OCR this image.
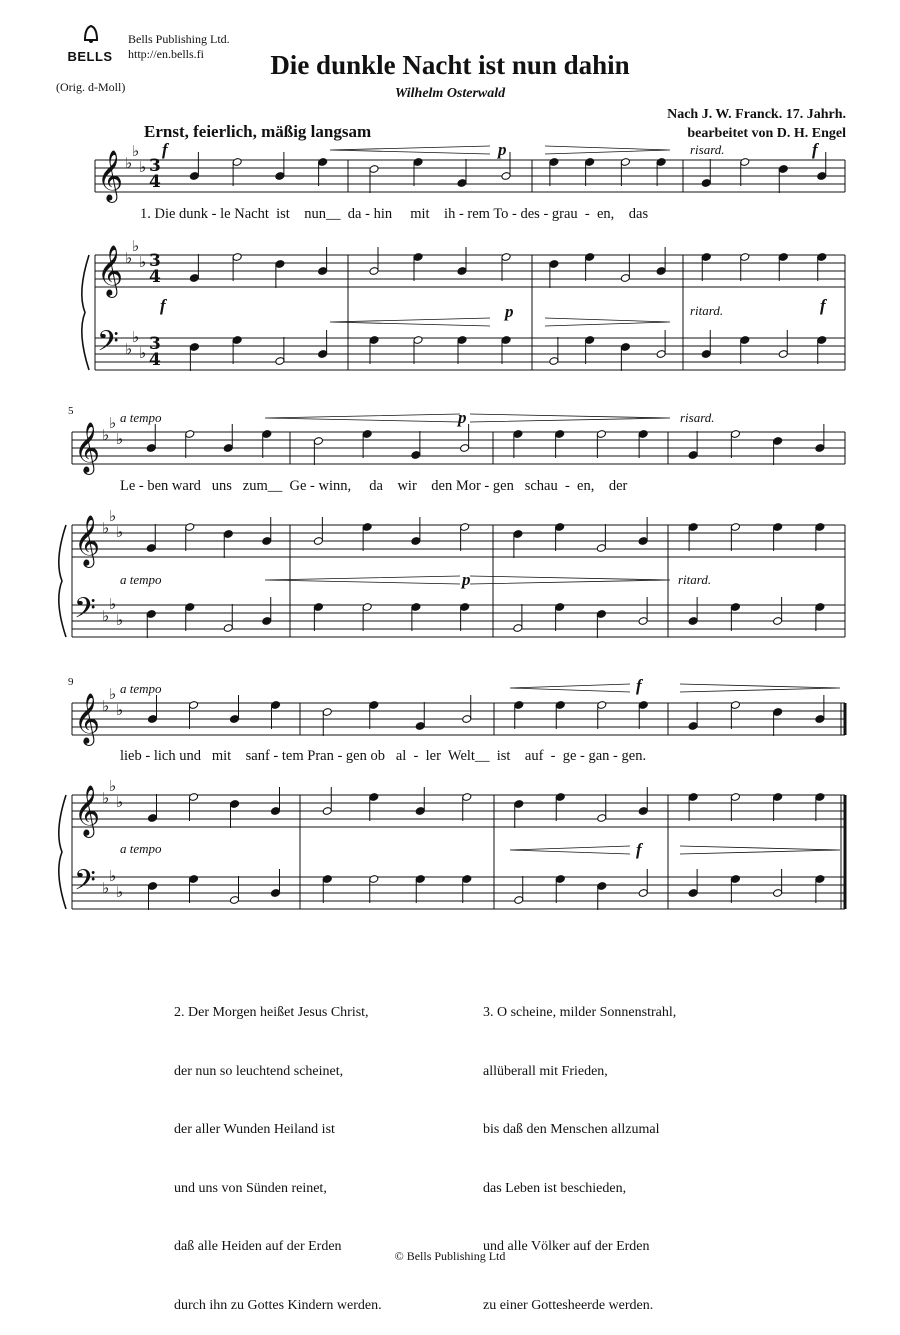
BELLS
Bells Publishing Ltd.
http://en.bells.fi
(Orig. d-Moll)
Die dunkle Nacht ist nun dahin
Wilhelm Osterwald
Nach J. W. Franck. 17. Jahrh.
bearbeitet von D. H. Engel
Ernst, feierlich, mäßig langsam
𝄞 ♭
♭
♭ 3
4
𝄞 ♭
♭
♭ 3
4
𝄢 ♭
♭
♭ 3
4
𝄞 ♭
♭
♭
𝄞 ♭
♭
♭
𝄢 ♭
♭
♭
𝄞 ♭
♭
♭
𝄞 ♭
♭
♭
𝄢 ♭
♭
♭
5
9
f	p	risard.	f
f	p	ritard.	f
a tempo	p	risard.
a tempo	p	ritard.
a tempo	f
a tempo	f
1. Die dunk - le Nacht  ist    nun__  da - hin     mit    ih - rem To - des - grau  -  en,    das
Le - ben ward   uns   zum__  Ge - winn,     da    wir    den Mor - gen   schau  -  en,    der
lieb - lich und   mit    sanf - tem Pran - gen ob   al  -  ler  Welt__  ist    auf  -  ge - gan - gen.

2. Der Morgen heißet Jesus Christ,

der nun so leuchtend scheinet,

der aller Wunden Heiland ist

und uns von Sünden reinet,

daß alle Heiden auf der Erden

durch ihn zu Gottes Kindern werden.

3. O scheine, milder Sonnenstrahl,

allüberall mit Frieden,

bis daß den Menschen allzumal

das Leben ist beschieden,

und alle Völker auf der Erden

zu einer Gottesheerde werden.

© Bells Publishing Ltd
